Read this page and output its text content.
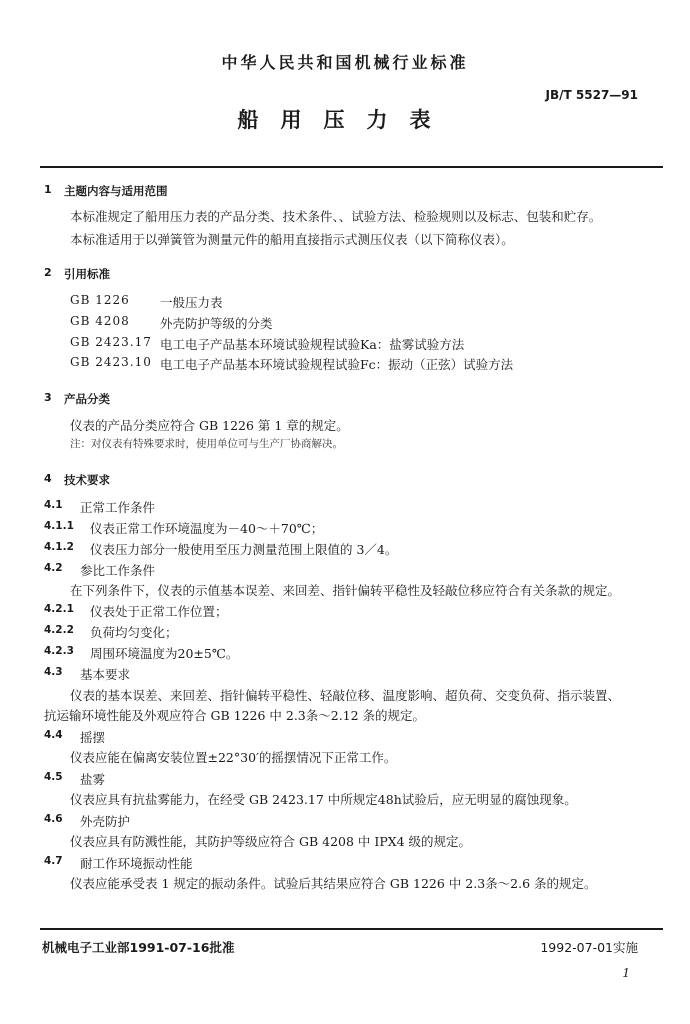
中华人民共和国机械行业标准
JB/T 5527—91
船用压力表
1 主题内容与适用范围
本标准规定了船用压力表的产品分类、技术条件、、试验方法、检验规则以及标志、包装和贮存。
本标准适用于以弹簧管为测量元件的船用直接指示式测压仪表（以下简称仪表）。
2 引用标准
GB 1226 一般压力表
GB 4208 外壳防护等级的分类
GB 2423.17 电工电子产品基本环境试验规程试验Ka：盐雾试验方法
GB 2423.10 电工电子产品基本环境试验规程试验Fc：振动（正弦）试验方法
3 产品分类
仪表的产品分类应符合 GB 1226 第 1 章的规定。
注：对仪表有特殊要求时，使用单位可与生产厂协商解决。
4 技术要求
4.1 正常工作条件
4.1.1 仪表正常工作环境温度为－40～＋70℃；
4.1.2 仪表压力部分一般使用至压力测量范围上限值的 3／4。
4.2 参比工作条件
在下列条件下，仪表的示值基本误差、来回差、指针偏转平稳性及轻敲位移应符合有关条款的规定。
4.2.1 仪表处于正常工作位置；
4.2.2 负荷均匀变化；
4.2.3 周围环境温度为20±5℃。
4.3 基本要求
仪表的基本误差、来回差、指针偏转平稳性、轻敲位移、温度影响、超负荷、交变负荷、指示装置、
抗运输环境性能及外观应符合 GB 1226 中 2.3条～2.12 条的规定。
4.4 摇摆
仪表应能在偏离安装位置±22°30′的摇摆情况下正常工作。
4.5 盐雾
仪表应具有抗盐雾能力，在经受 GB 2423.17 中所规定48h试验后，应无明显的腐蚀现象。
4.6 外壳防护
仪表应具有防溅性能，其防护等级应符合 GB 4208 中 IPX4 级的规定。
4.7 耐工作环境振动性能
仪表应能承受表 1 规定的振动条件。试验后其结果应符合 GB 1226 中 2.3条～2.6 条的规定。
机械电子工业部1991-07-16批准	1992-07-01实施
1
